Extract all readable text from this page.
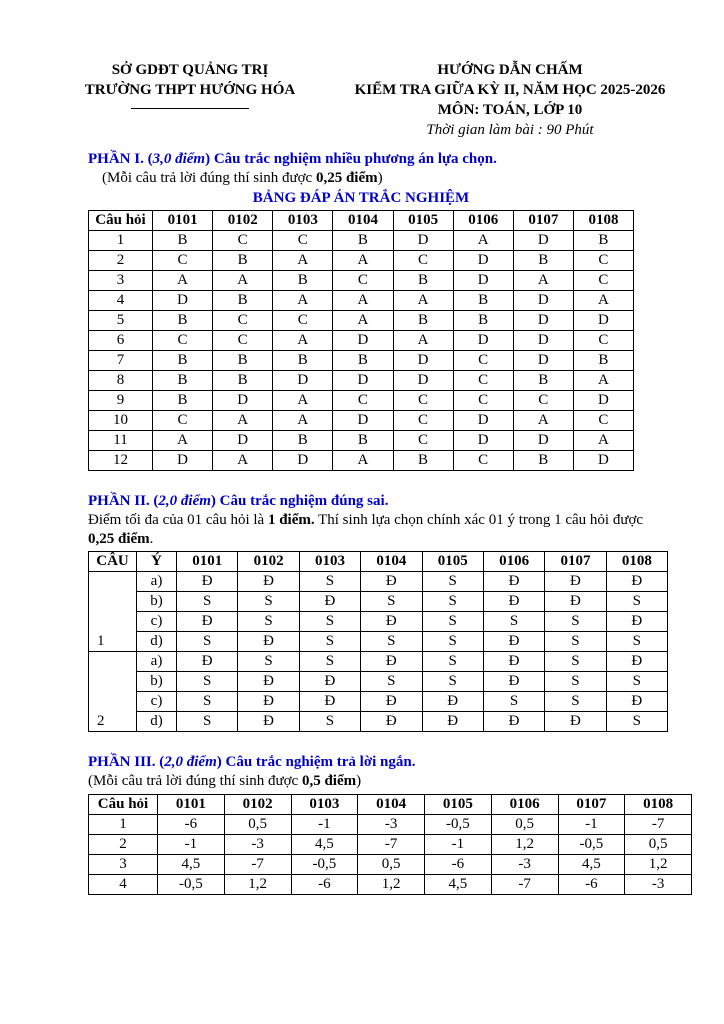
SỞ GDĐT QUẢNG TRỊ
TRƯỜNG THPT HƯỚNG HÓA
HƯỚNG DẪN CHẤM
KIỂM TRA GIỮA KỲ II, NĂM HỌC 2025-2026
MÔN: TOÁN, LỚP 10
Thời gian làm bài : 90 Phút

PHẦN I. (3,0 điểm) Câu trắc nghiệm nhiều phương án lựa chọn.

(Mỗi câu trả lời đúng thí sinh được 0,25 điểm)

BẢNG ĐÁP ÁN TRẮC NGHIỆM

Câu hỏi	0101	0102	0103	0104	0105	0106	0107	0108
1	B	C	C	B	D	A	D	B
2	C	B	A	A	C	D	B	C
3	A	A	B	C	B	D	A	C
4	D	B	A	A	A	B	D	A
5	B	C	C	A	B	B	D	D
6	C	C	A	D	A	D	D	C
7	B	B	B	B	D	C	D	B
8	B	B	D	D	D	C	B	A
9	B	D	A	C	C	C	C	D
10	C	A	A	D	C	D	A	C
11	A	D	B	B	C	D	D	A
12	D	A	D	A	B	C	B	D

PHẦN II. (2,0 điểm) Câu trắc nghiệm đúng sai.

Điểm tối đa của 01 câu hỏi là 1 điểm. Thí sinh lựa chọn chính xác 01 ý trong 1 câu hỏi được 0,25 điểm.

CÂU	Ý	0101	0102	0103	0104	0105	0106	0107	0108
1	a)	Đ	Đ	S	Đ	S	Đ	Đ	Đ
	b)	S	S	Đ	S	S	Đ	Đ	S
	c)	Đ	S	S	Đ	S	S	S	Đ
	d)	S	Đ	S	S	S	Đ	S	S
2	a)	Đ	S	S	Đ	S	Đ	S	Đ
	b)	S	Đ	Đ	S	S	Đ	S	S
	c)	S	Đ	Đ	Đ	Đ	S	S	Đ
	d)	S	Đ	S	Đ	Đ	Đ	Đ	S

PHẦN III. (2,0 điểm) Câu trắc nghiệm trả lời ngắn.

(Mỗi câu trả lời đúng thí sinh được 0,5 điểm)

Câu hỏi	0101	0102	0103	0104	0105	0106	0107	0108
1	-6	0,5	-1	-3	-0,5	0,5	-1	-7
2	-1	-3	4,5	-7	-1	1,2	-0,5	0,5
3	4,5	-7	-0,5	0,5	-6	-3	4,5	1,2
4	-0,5	1,2	-6	1,2	4,5	-7	-6	-3
